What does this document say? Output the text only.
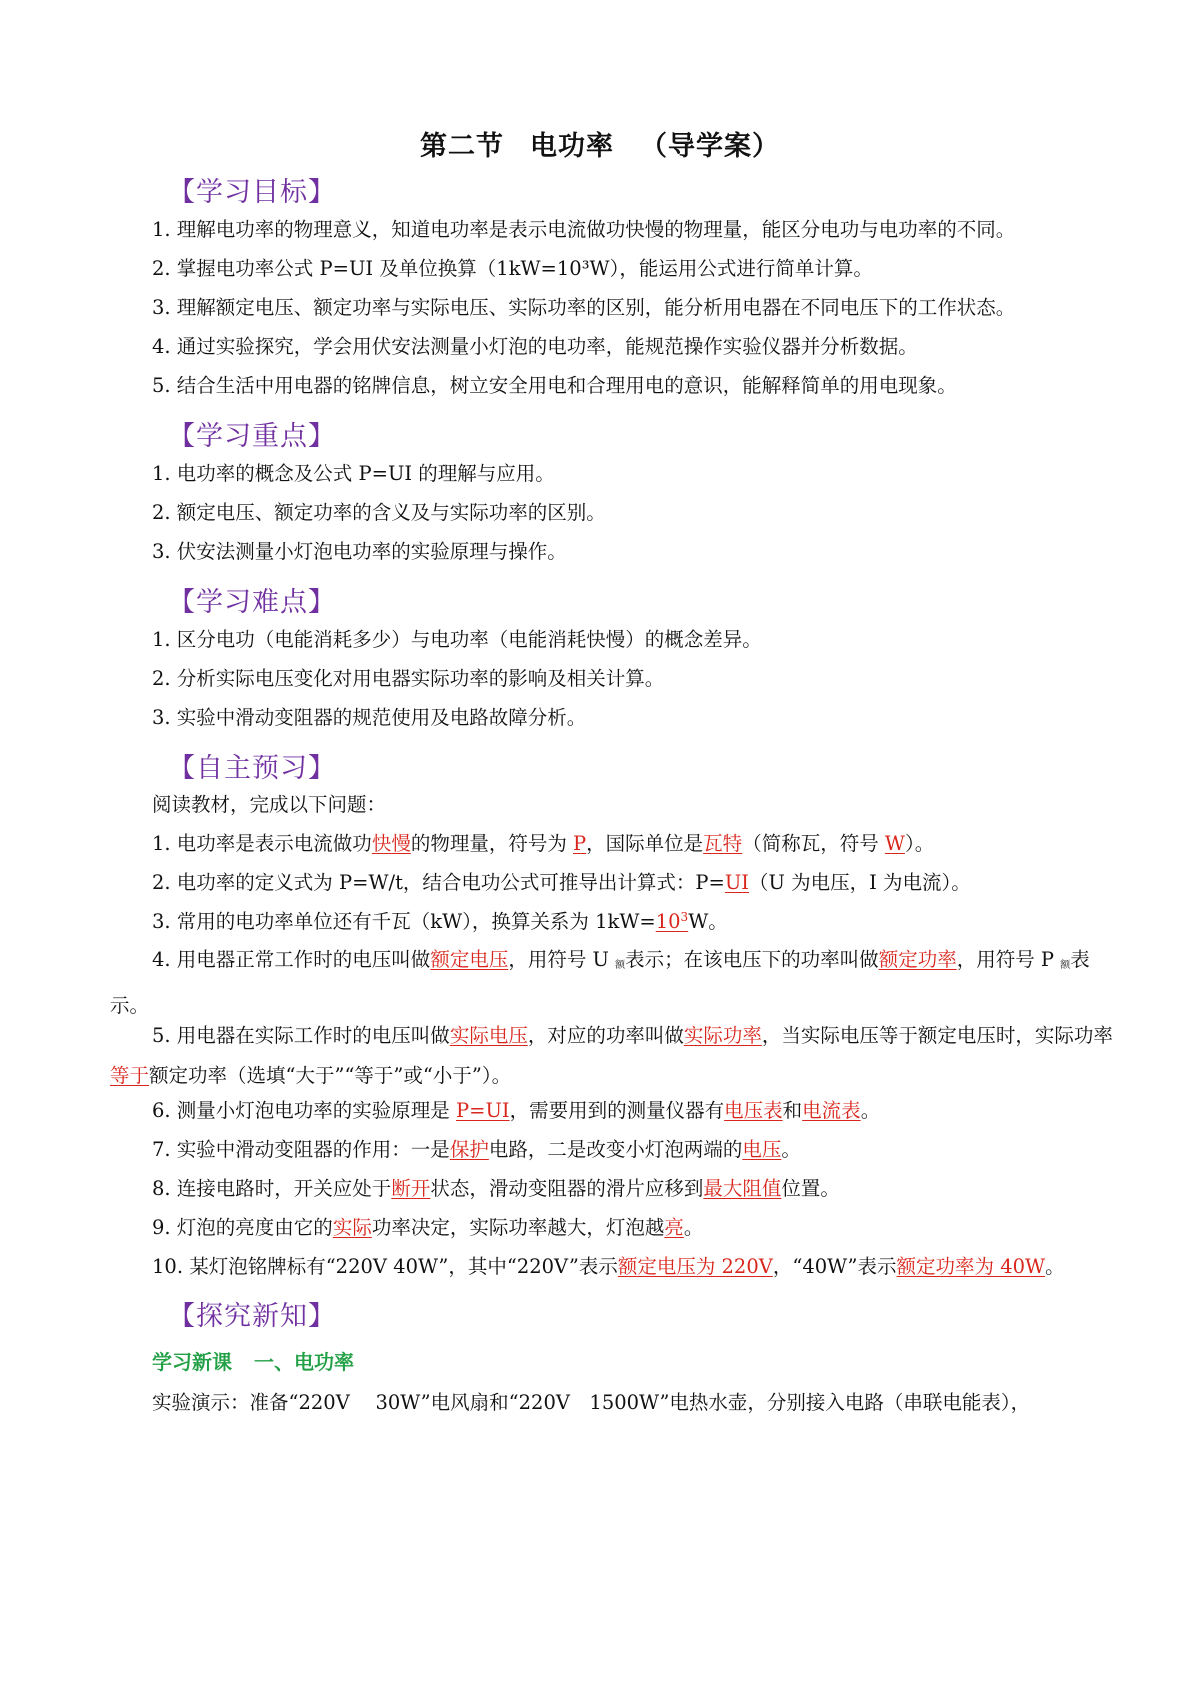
第二节 电功率 （导学案）
【学习目标】
1. 理解电功率的物理意义，知道电功率是表示电流做功快慢的物理量，能区分电功与电功率的不同。
2. 掌握电功率公式 P=UI 及单位换算（1kW=10³W），能运用公式进行简单计算。
3. 理解额定电压、额定功率与实际电压、实际功率的区别，能分析用电器在不同电压下的工作状态。
4. 通过实验探究，学会用伏安法测量小灯泡的电功率，能规范操作实验仪器并分析数据。
5. 结合生活中用电器的铭牌信息，树立安全用电和合理用电的意识，能解释简单的用电现象。
【学习重点】
1. 电功率的概念及公式 P=UI 的理解与应用。
2. 额定电压、额定功率的含义及与实际功率的区别。
3. 伏安法测量小灯泡电功率的实验原理与操作。
【学习难点】
1. 区分电功（电能消耗多少）与电功率（电能消耗快慢）的概念差异。
2. 分析实际电压变化对用电器实际功率的影响及相关计算。
3. 实验中滑动变阻器的规范使用及电路故障分析。
【自主预习】
阅读教材，完成以下问题：
1. 电功率是表示电流做功快慢的物理量，符号为 P，国际单位是瓦特（简称瓦，符号 W）。
2. 电功率的定义式为 P=W/t，结合电功公式可推导出计算式：P=UI（U 为电压，I 为电流）。
3. 常用的电功率单位还有千瓦（kW），换算关系为 $1kW=10^3W$。
4. 用电器正常工作时的电压叫做额定电压，用符号 U 额表示；在该电压下的功率叫做额定功率，用符号 P 额表示。
5. 用电器在实际工作时的电压叫做实际电压，对应的功率叫做实际功率，当实际电压等于额定电压时，实际功率等于额定功率（选填“大于”“等于”或“小于”）。
6. 测量小灯泡电功率的实验原理是 P=UI，需要用到的测量仪器有电压表和电流表。
7. 实验中滑动变阻器的作用：一是保护电路，二是改变小灯泡两端的电压。
8. 连接电路时，开关应处于断开状态，滑动变阻器的滑片应移到最大阻值位置。
9. 灯泡的亮度由它的实际功率决定，实际功率越大，灯泡越亮。
10. 某灯泡铭牌标有“220V 40W”，其中“220V”表示额定电压为 220V，“40W”表示额定功率为 40W。
【探究新知】
学习新课 一、电功率
实验演示：准备“220V　 30W”电风扇和“220V　1500W”电热水壶，分别接入电路（串联电能表），
